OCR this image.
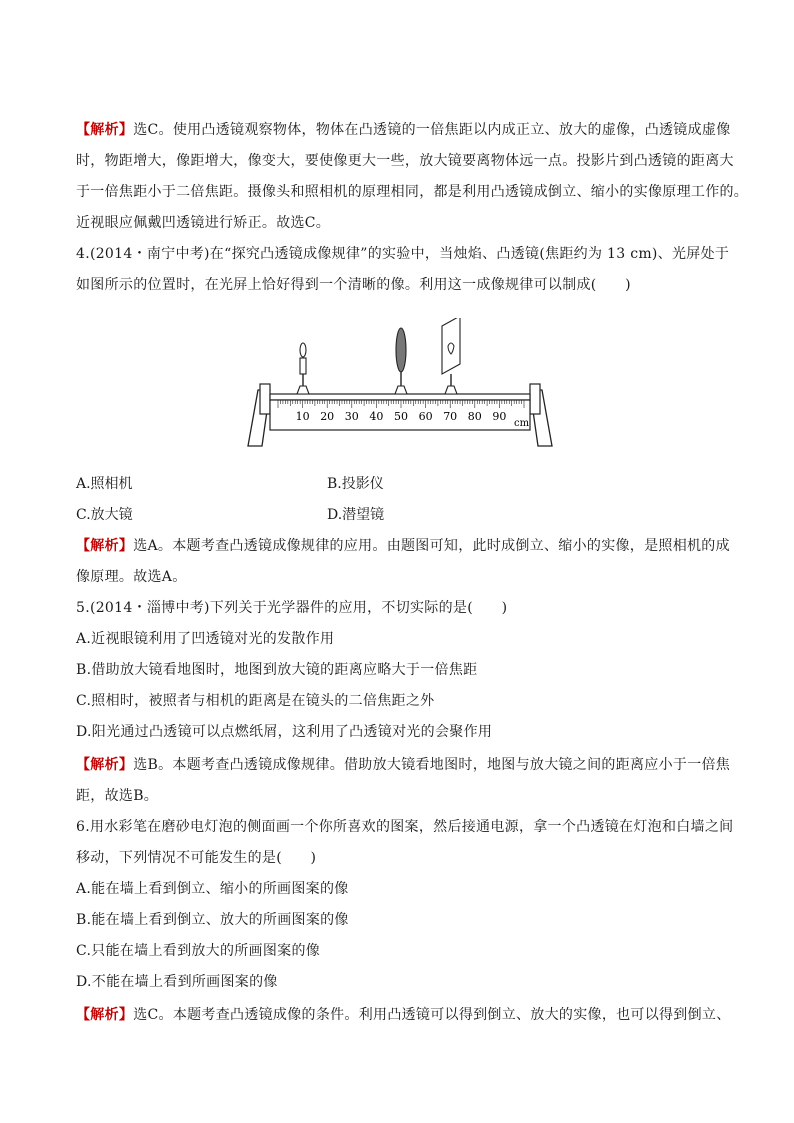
【解析】选C。使用凸透镜观察物体，物体在凸透镜的一倍焦距以内成正立、放大的虚像，凸透镜成虚像
时，物距增大，像距增大，像变大，要使像更大一些，放大镜要离物体远一点。投影片到凸透镜的距离大
于一倍焦距小于二倍焦距。摄像头和照相机的原理相同，都是利用凸透镜成倒立、缩小的实像原理工作的。
近视眼应佩戴凹透镜进行矫正。故选C。
4.(2014・南宁中考)在“探究凸透镜成像规律”的实验中，当烛焰、凸透镜(焦距约为 13 cm)、光屏处于
如图所示的位置时，在光屏上恰好得到一个清晰的像。利用这一成像规律可以制成(　　)
10 20 30 40 50 60 70 80 90
cm
A.照相机	B.投影仪
C.放大镜	D.潜望镜
【解析】选A。本题考查凸透镜成像规律的应用。由题图可知，此时成倒立、缩小的实像，是照相机的成
像原理。故选A。
5.(2014・淄博中考)下列关于光学器件的应用，不切实际的是(　　)
A.近视眼镜利用了凹透镜对光的发散作用
B.借助放大镜看地图时，地图到放大镜的距离应略大于一倍焦距
C.照相时，被照者与相机的距离是在镜头的二倍焦距之外
D.阳光通过凸透镜可以点燃纸屑，这利用了凸透镜对光的会聚作用
【解析】选B。本题考查凸透镜成像规律。借助放大镜看地图时，地图与放大镜之间的距离应小于一倍焦
距，故选B。
6.用水彩笔在磨砂电灯泡的侧面画一个你所喜欢的图案，然后接通电源，拿一个凸透镜在灯泡和白墙之间
移动，下列情况不可能发生的是(　　)
A.能在墙上看到倒立、缩小的所画图案的像
B.能在墙上看到倒立、放大的所画图案的像
C.只能在墙上看到放大的所画图案的像
D.不能在墙上看到所画图案的像
【解析】选C。本题考查凸透镜成像的条件。利用凸透镜可以得到倒立、放大的实像，也可以得到倒立、
